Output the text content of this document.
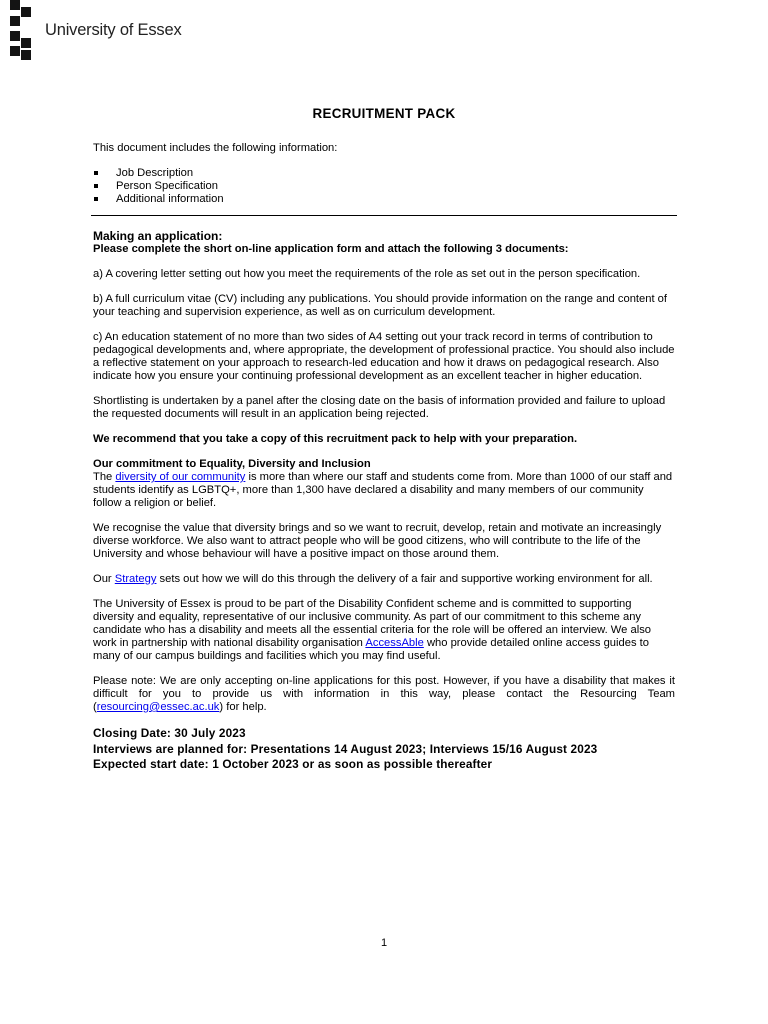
University of Essex
RECRUITMENT PACK

This document includes the following information:

Job Description
Person Specification
Additional information
Making an application:

Please complete the short on-line application form and attach the following 3 documents:

a) A covering letter setting out how you meet the requirements of the role as set out in the person specification.

b) A full curriculum vitae (CV) including any publications. You should provide information on the range and content of your teaching and supervision experience, as well as on curriculum development.

c) An education statement of no more than two sides of A4 setting out your track record in terms of contribution to pedagogical developments and, where appropriate, the development of professional practice. You should also include a reflective statement on your approach to research-led education and how it draws on pedagogical research. Also indicate how you ensure your continuing professional development as an excellent teacher in higher education.

Shortlisting is undertaken by a panel after the closing date on the basis of information provided and failure to upload the requested documents will result in an application being rejected.

We recommend that you take a copy of this recruitment pack to help with your preparation.

Our commitment to Equality, Diversity and Inclusion

The diversity of our community is more than where our staff and students come from. More than 1000 of our staff and students identify as LGBTQ+, more than 1,300 have declared a disability and many members of our community follow a religion or belief.

We recognise the value that diversity brings and so we want to recruit, develop, retain and motivate an increasingly diverse workforce. We also want to attract people who will be good citizens, who will contribute to the life of the University and whose behaviour will have a positive impact on those around them.

Our Strategy sets out how we will do this through the delivery of a fair and supportive working environment for all.

The University of Essex is proud to be part of the Disability Confident scheme and is committed to supporting diversity and equality, representative of our inclusive community. As part of our commitment to this scheme any candidate who has a disability and meets all the essential criteria for the role will be offered an interview. We also work in partnership with national disability organisation AccessAble who provide detailed online access guides to many of our campus buildings and facilities which you may find useful.

Please note: We are only accepting on-line applications for this post. However, if you have a disability that makes it difficult for you to provide us with information in this way, please contact the Resourcing Team (resourcing@essec.ac.uk) for help.

Closing Date: 30 July 2023
Interviews are planned for: Presentations 14 August 2023; Interviews 15/16 August 2023
Expected start date: 1 October 2023 or as soon as possible thereafter
1
